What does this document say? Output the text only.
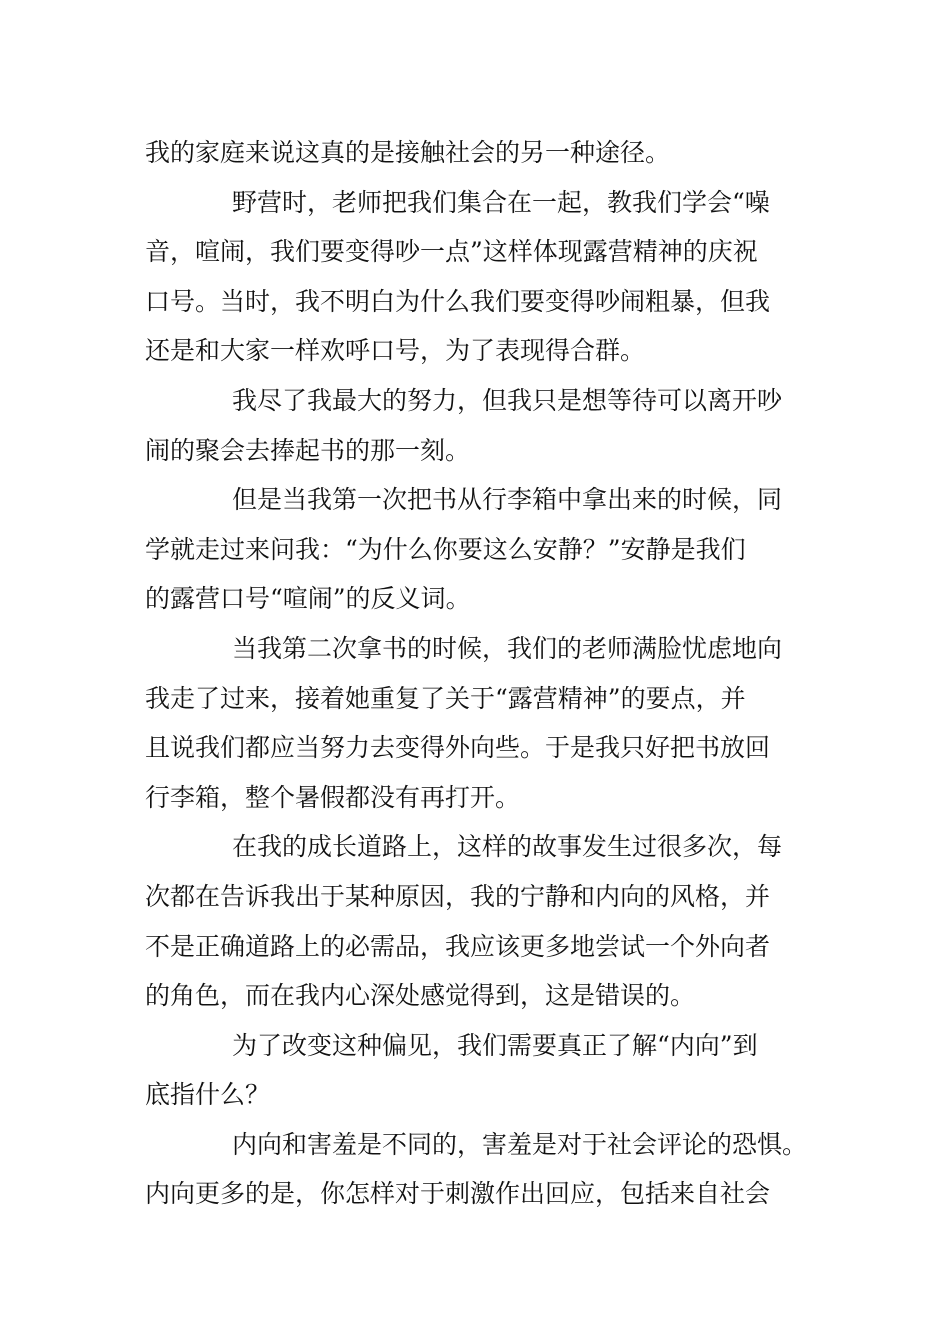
我的家庭来说这真的是接触社会的另一种途径。
野营时，老师把我们集合在一起，教我们学会“噪
音，喧闹，我们要变得吵一点”这样体现露营精神的庆祝
口号。当时，我不明白为什么我们要变得吵闹粗暴，但我
还是和大家一样欢呼口号，为了表现得合群。
我尽了我最大的努力，但我只是想等待可以离开吵
闹的聚会去捧起书的那一刻。
但是当我第一次把书从行李箱中拿出来的时候，同
学就走过来问我：“为什么你要这么安静？”安静是我们
的露营口号“喧闹”的反义词。
当我第二次拿书的时候，我们的老师满脸忧虑地向
我走了过来，接着她重复了关于“露营精神”的要点，并
且说我们都应当努力去变得外向些。于是我只好把书放回
行李箱，整个暑假都没有再打开。
在我的成长道路上，这样的故事发生过很多次，每
次都在告诉我出于某种原因，我的宁静和内向的风格，并
不是正确道路上的必需品，我应该更多地尝试一个外向者
的角色，而在我内心深处感觉得到，这是错误的。
为了改变这种偏见，我们需要真正了解“内向”到
底指什么？
内向和害羞是不同的，害羞是对于社会评论的恐惧。
内向更多的是，你怎样对于刺激作出回应，包括来自社会
